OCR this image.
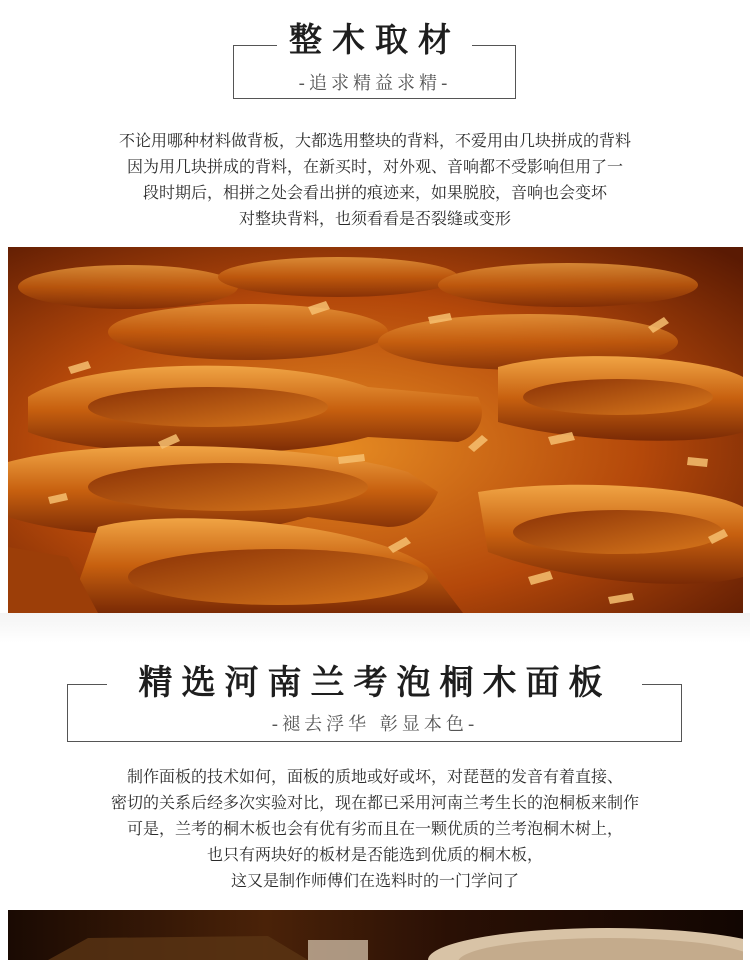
整木取材
-追求精益求精-

不论用哪种材料做背板，大都选用整块的背料，不爱用由几块拼成的背料

因为用几块拼成的背料，在新买时，对外观、音响都不受影响但用了一

段时期后，相拼之处会看出拼的痕迹来，如果脱胶，音响也会变坏

对整块背料，也须看看是否裂缝或变形

精选河南兰考泡桐木面板
-褪去浮华 彰显本色-

制作面板的技术如何，面板的质地或好或坏，对琵琶的发音有着直接、

密切的关系后经多次实验对比，现在都已采用河南兰考生长的泡桐板来制作

可是，兰考的桐木板也会有优有劣而且在一颗优质的兰考泡桐木树上，

也只有两块好的板材是否能选到优质的桐木板，

这又是制作师傅们在选料时的一门学问了
